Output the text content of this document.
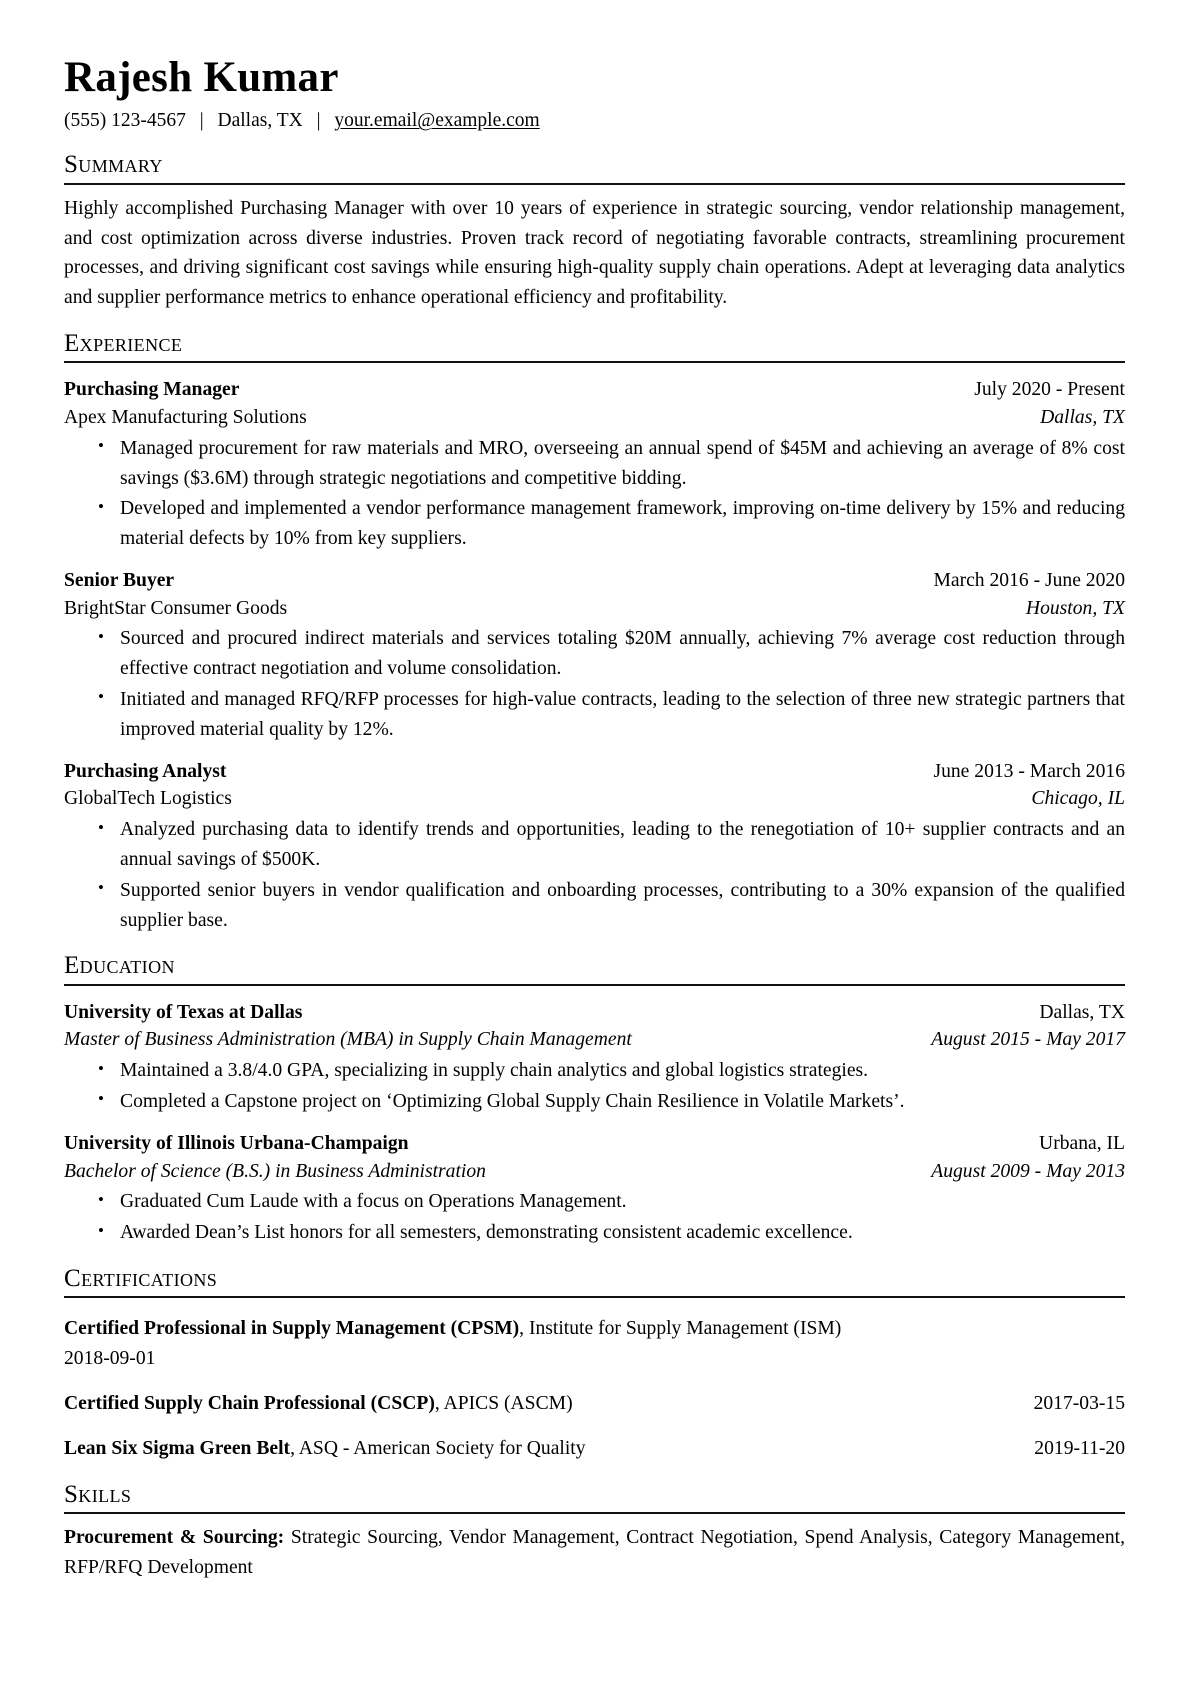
Rajesh Kumar
(555) 123-4567 | Dallas, TX | your.email@example.com
Summary

Highly accomplished Purchasing Manager with over 10 years of experience in strategic sourcing, vendor relationship management, and cost optimization across diverse industries. Proven track record of negotiating favorable contracts, streamlining procurement processes, and driving significant cost savings while ensuring high-quality supply chain operations. Adept at leveraging data analytics and supplier performance metrics to enhance operational efficiency and profitability.

Experience
Purchasing Manager	July 2020 - Present
Apex Manufacturing Solutions	Dallas, TX
• Managed procurement for raw materials and MRO, overseeing an annual spend of $45M and achieving an average of 8% cost savings ($3.6M) through strategic negotiations and competitive bidding.
• Developed and implemented a vendor performance management framework, improving on-time delivery by 15% and reducing material defects by 10% from key suppliers.
Senior Buyer	March 2016 - June 2020
BrightStar Consumer Goods	Houston, TX
• Sourced and procured indirect materials and services totaling $20M annually, achieving 7% average cost reduction through effective contract negotiation and volume consolidation.
• Initiated and managed RFQ/RFP processes for high-value contracts, leading to the selection of three new strategic partners that improved material quality by 12%.
Purchasing Analyst	June 2013 - March 2016
GlobalTech Logistics	Chicago, IL
• Analyzed purchasing data to identify trends and opportunities, leading to the renegotiation of 10+ supplier contracts and an annual savings of $500K.
• Supported senior buyers in vendor qualification and onboarding processes, contributing to a 30% expansion of the qualified supplier base.
Education
University of Texas at Dallas	Dallas, TX
Master of Business Administration (MBA) in Supply Chain Management	August 2015 - May 2017
• Maintained a 3.8/4.0 GPA, specializing in supply chain analytics and global logistics strategies.
• Completed a Capstone project on ‘Optimizing Global Supply Chain Resilience in Volatile Markets’.
University of Illinois Urbana-Champaign	Urbana, IL
Bachelor of Science (B.S.) in Business Administration	August 2009 - May 2013
• Graduated Cum Laude with a focus on Operations Management.
• Awarded Dean’s List honors for all semesters, demonstrating consistent academic excellence.
Certifications
Certified Professional in Supply Management (CPSM), Institute for Supply Management (ISM)
2018-09-01
Certified Supply Chain Professional (CSCP), APICS (ASCM)	2017-03-15
Lean Six Sigma Green Belt, ASQ - American Society for Quality	2019-11-20
Skills

Procurement & Sourcing: Strategic Sourcing, Vendor Management, Contract Negotiation, Spend Analysis, Category Management, RFP/RFQ Development
